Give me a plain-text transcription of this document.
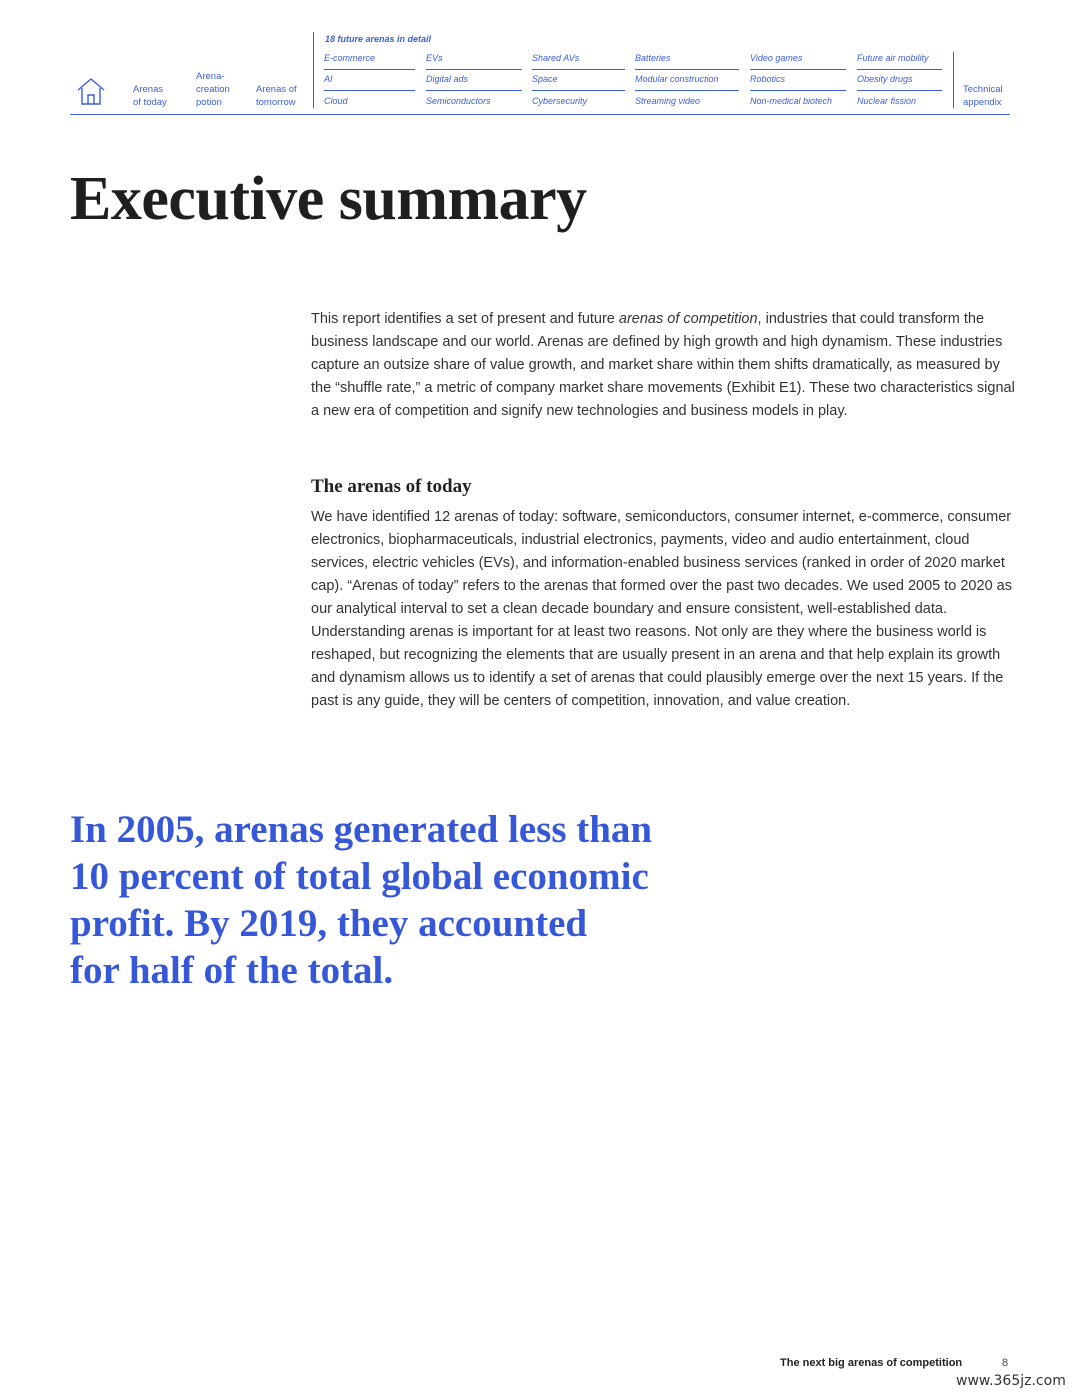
Arenas
of today
Arena-
creation
potion
Arenas of
tomorrow
18 future arenas in detail
E-commerce	EVs	Shared AVs	Batteries	Video games	Future air mobility
AI	Digital ads	Space	Modular construction	Robotics	Obesity drugs
Cloud	Semiconductors	Cybersecurity	Streaming video	Non-medical biotech	Nuclear fission
Technical
appendix
Executive summary

This report identifies a set of present and future arenas of competition, industries that could transform the business landscape and our world. Arenas are defined by high growth and high dynamism. These industries capture an outsize share of value growth, and market share within them shifts dramatically, as measured by the “shuffle rate,” a metric of company market share movements (Exhibit E1). These two characteristics signal a new era of competition and signify new technologies and business models in play.

The arenas of today

We have identified 12 arenas of today: software, semiconductors, consumer internet, e-commerce, consumer electronics, biopharmaceuticals, industrial electronics, payments, video and audio entertainment, cloud services, electric vehicles (EVs), and information-enabled business services (ranked in order of 2020 market cap). “Arenas of today” refers to the arenas that formed over the past two decades. We used 2005 to 2020 as our analytical interval to set a clean decade boundary and ensure consistent, well-established data. Understanding arenas is important for at least two reasons. Not only are they where the business world is reshaped, but recognizing the elements that are usually present in an arena and that help explain its growth and dynamism allows us to identify a set of arenas that could plausibly emerge over the next 15 years. If the past is any guide, they will be centers of competition, innovation, and value creation.

In 2005, arenas generated less than
10 percent of total global economic
profit. By 2019, they accounted
for half of the total.
The next big arenas of competition	8
www.365jz.com
